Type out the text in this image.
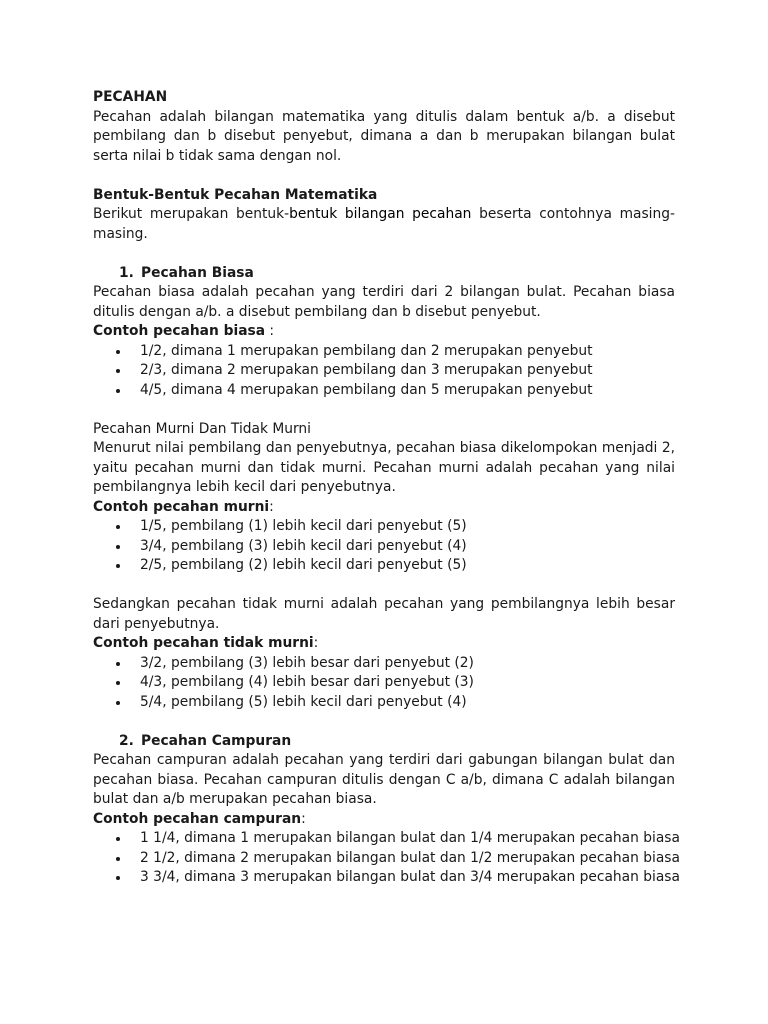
PECAHAN

Pecahan adalah bilangan matematika yang ditulis dalam bentuk a/b. a disebut pembilang dan b disebut penyebut, dimana a dan b merupakan bilangan bulat serta nilai b tidak sama dengan nol.

Bentuk-Bentuk Pecahan Matematika

Berikut merupakan bentuk-bentuk bilangan pecahan beserta contohnya masing-masing.

1. Pecahan Biasa

Pecahan biasa adalah pecahan yang terdiri dari 2 bilangan bulat. Pecahan biasa ditulis dengan a/b. a disebut pembilang dan b disebut penyebut.

Contoh pecahan biasa :

1/2, dimana 1 merupakan pembilang dan 2 merupakan penyebut
2/3, dimana 2 merupakan pembilang dan 3 merupakan penyebut
4/5, dimana 4 merupakan pembilang dan 5 merupakan penyebut

Pecahan Murni Dan Tidak Murni

Menurut nilai pembilang dan penyebutnya, pecahan biasa dikelompokan menjadi 2, yaitu pecahan murni dan tidak murni. Pecahan murni adalah pecahan yang nilai pembilangnya lebih kecil dari penyebutnya.

Contoh pecahan murni:

1/5, pembilang (1) lebih kecil dari penyebut (5)
3/4, pembilang (3) lebih kecil dari penyebut (4)
2/5, pembilang (2) lebih kecil dari penyebut (5)

Sedangkan pecahan tidak murni adalah pecahan yang pembilangnya lebih besar dari penyebutnya.

Contoh pecahan tidak murni:

3/2, pembilang (3) lebih besar dari penyebut (2)
4/3, pembilang (4) lebih besar dari penyebut (3)
5/4, pembilang (5) lebih kecil dari penyebut (4)

2. Pecahan Campuran

Pecahan campuran adalah pecahan yang terdiri dari gabungan bilangan bulat dan pecahan biasa. Pecahan campuran ditulis dengan C a/b, dimana C adalah bilangan bulat dan a/b merupakan pecahan biasa.

Contoh pecahan campuran:

1 1/4, dimana 1 merupakan bilangan bulat dan 1/4 merupakan pecahan biasa
2 1/2, dimana 2 merupakan bilangan bulat dan 1/2 merupakan pecahan biasa
3 3/4, dimana 3 merupakan bilangan bulat dan 3/4 merupakan pecahan biasa
